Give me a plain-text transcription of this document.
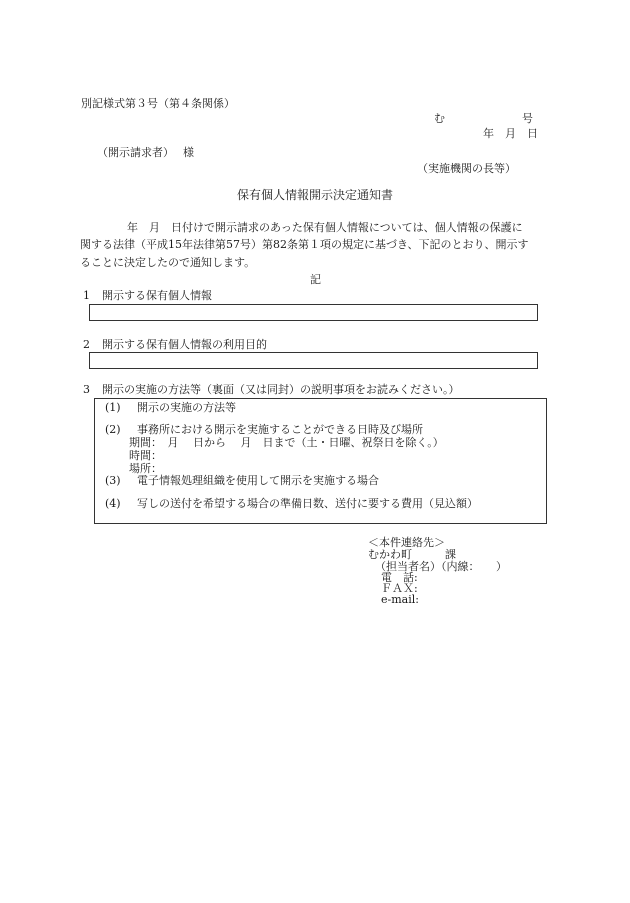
別記様式第３号（第４条関係）
む　　　　　　　号
年　月　日
（開示請求者）　 様
（実施機関の長等）
保有個人情報開示決定通知書
年　月　日付けで開示請求のあった保有個人情報については、個人情報の保護に
関する法律（平成15年法律第57号）第82条第１項の規定に基づき、下記のとおり、開示す
ることに決定したので通知します。
記
1 開示する保有個人情報
2 開示する保有個人情報の利用目的
3 開示の実施の方法等（裏面（又は同封）の説明事項をお読みください。）
(1) 開示の実施の方法等
(2) 事務所における開示を実施することができる日時及び場所
期間：　月　 日から　 月　日まで（土・日曜、祝祭日を除く。）
時間：
場所：
(3) 電子情報処理組織を使用して開示を実施する場合
(4) 写しの送付を希望する場合の準備日数、送付に要する費用（見込額）
＜本件連絡先＞
むかわ町　　　課
（担当者名）（内線：　　）
電　話:
ＦＡＸ:
e-mail:
